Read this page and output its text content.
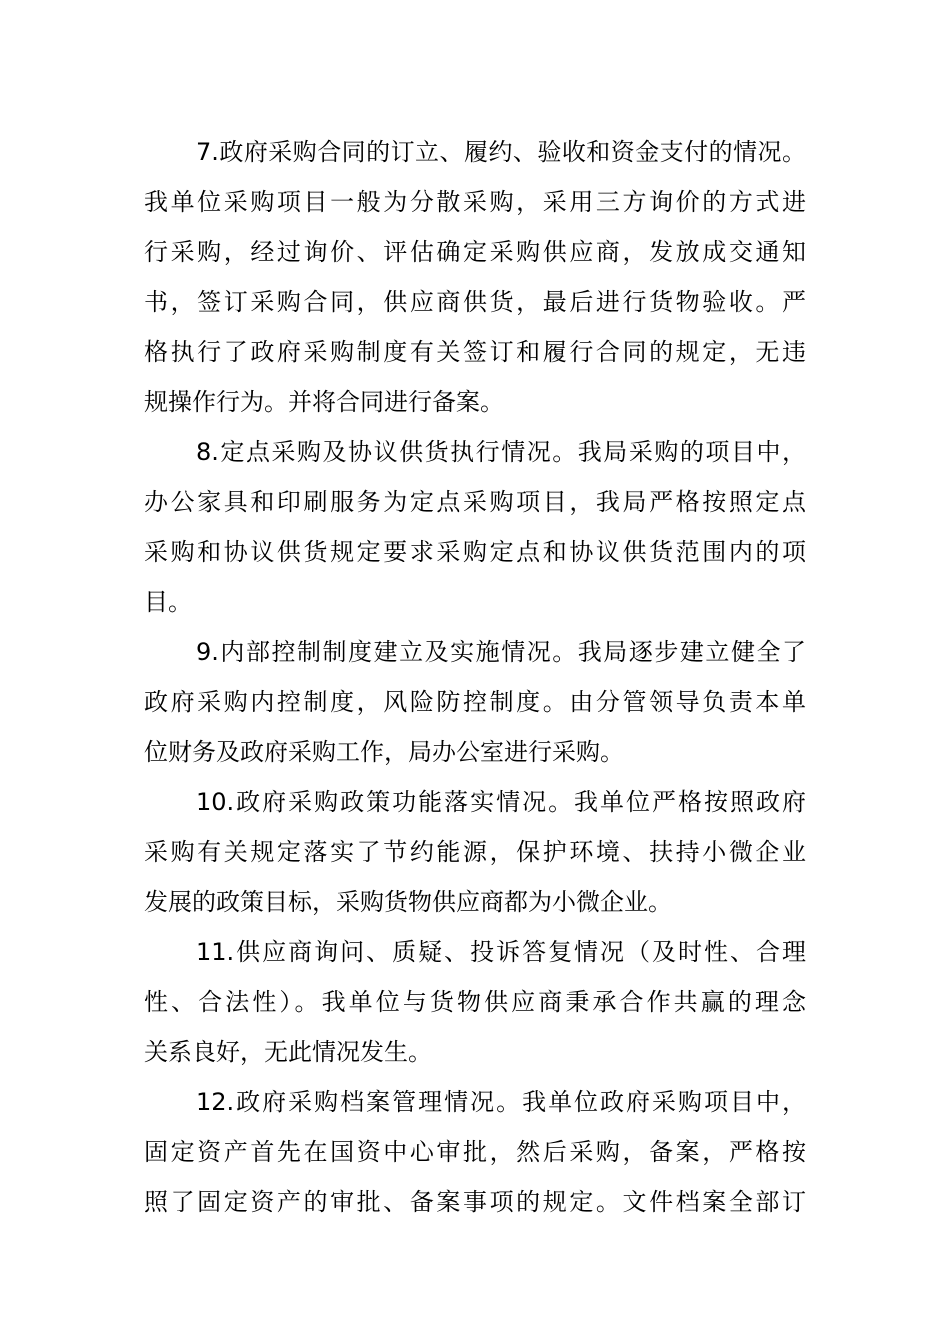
7.政府采购合同的订立、履约、验收和资金支付的情况。
我单位采购项目一般为分散采购，采用三方询价的方式进
行采购，经过询价、评估确定采购供应商，发放成交通知
书，签订采购合同，供应商供货，最后进行货物验收。严
格执行了政府采购制度有关签订和履行合同的规定，无违
规操作行为。并将合同进行备案。
8.定点采购及协议供货执行情况。我局采购的项目中，
办公家具和印刷服务为定点采购项目，我局严格按照定点
采购和协议供货规定要求采购定点和协议供货范围内的项
目。
9.内部控制制度建立及实施情况。我局逐步建立健全了
政府采购内控制度，风险防控制度。由分管领导负责本单
位财务及政府采购工作，局办公室进行采购。
10.政府采购政策功能落实情况。我单位严格按照政府
采购有关规定落实了节约能源，保护环境、扶持小微企业
发展的政策目标，采购货物供应商都为小微企业。
11.供应商询问、质疑、投诉答复情况（及时性、合理
性、合法性）。我单位与货物供应商秉承合作共赢的理念
关系良好，无此情况发生。
12.政府采购档案管理情况。我单位政府采购项目中，
固定资产首先在国资中心审批，然后采购，备案，严格按
照了固定资产的审批、备案事项的规定。文件档案全部订
